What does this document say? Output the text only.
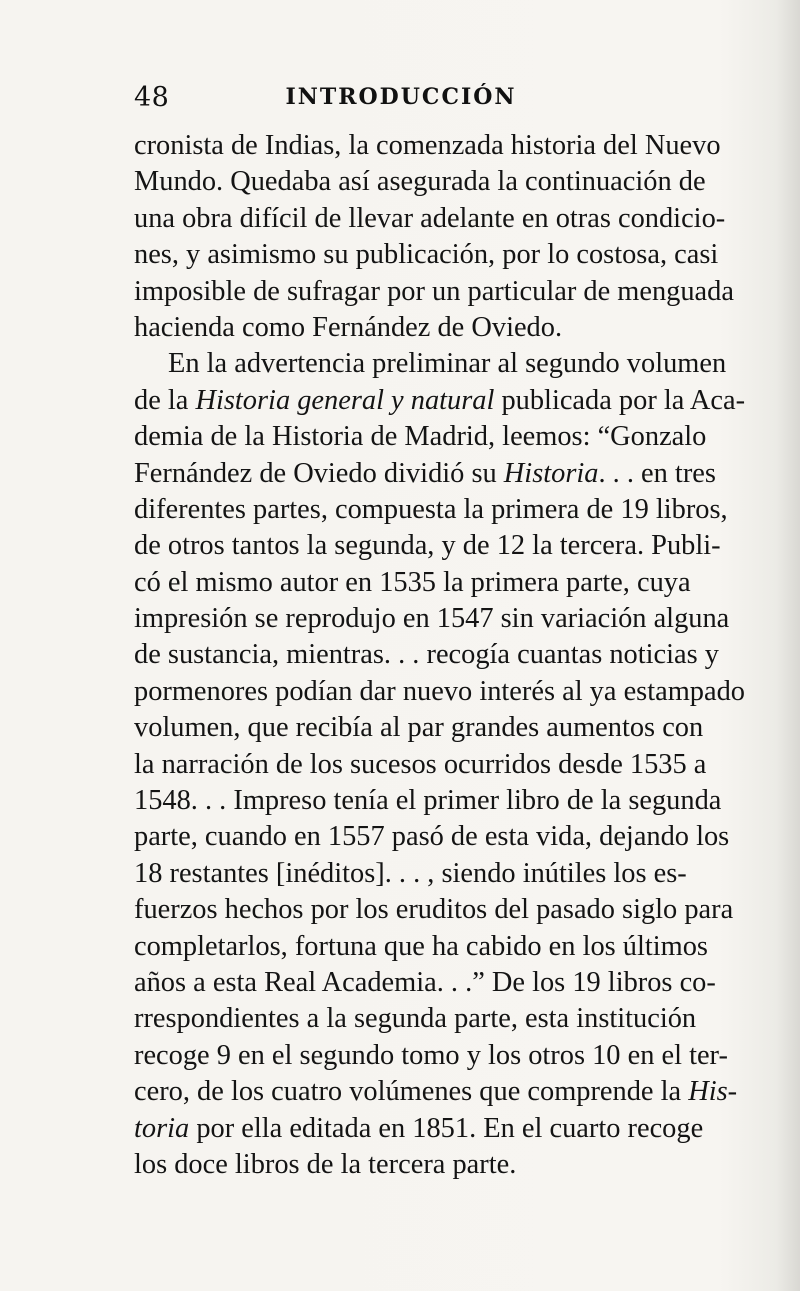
48	INTRODUCCIÓN
cronista de Indias, la comenzada historia del Nuevo
Mundo. Quedaba así asegurada la continuación de
una obra difícil de llevar adelante en otras condicio-
nes, y asimismo su publicación, por lo costosa, casi
imposible de sufragar por un particular de menguada
hacienda como Fernández de Oviedo.
En la advertencia preliminar al segundo volumen
de la Historia general y natural publicada por la Aca-
demia de la Historia de Madrid, leemos: “Gonzalo
Fernández de Oviedo dividió su Historia. . . en tres
diferentes partes, compuesta la primera de 19 libros,
de otros tantos la segunda, y de 12 la tercera. Publi-
có el mismo autor en 1535 la primera parte, cuya
impresión se reprodujo en 1547 sin variación alguna
de sustancia, mientras. . . recogía cuantas noticias y
pormenores podían dar nuevo interés al ya estampado
volumen, que recibía al par grandes aumentos con
la narración de los sucesos ocurridos desde 1535 a
1548. . . Impreso tenía el primer libro de la segunda
parte, cuando en 1557 pasó de esta vida, dejando los
18 restantes [inéditos]. . . , siendo inútiles los es-
fuerzos hechos por los eruditos del pasado siglo para
completarlos, fortuna que ha cabido en los últimos
años a esta Real Academia. . .” De los 19 libros co-
rrespondientes a la segunda parte, esta institución
recoge 9 en el segundo tomo y los otros 10 en el ter-
cero, de los cuatro volúmenes que comprende la His-
toria por ella editada en 1851. En el cuarto recoge
los doce libros de la tercera parte.
